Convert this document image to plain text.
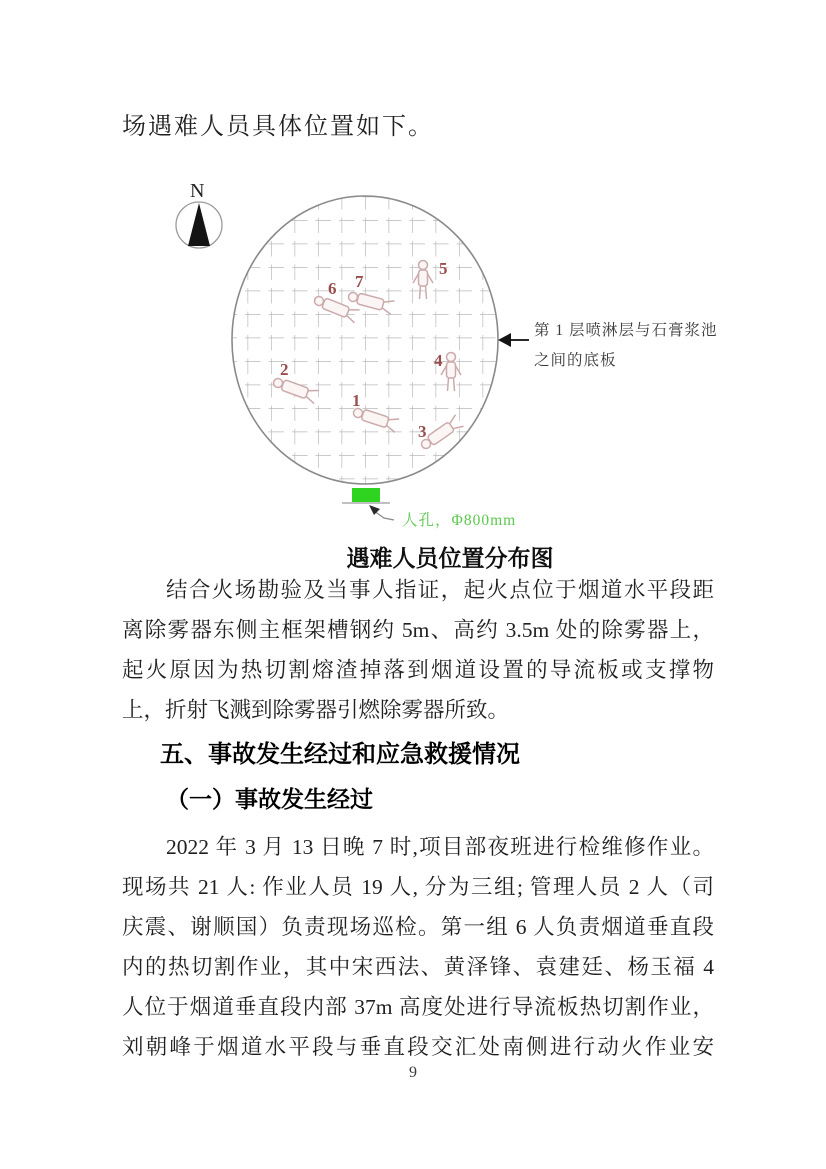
场遇难人员具体位置如下。
N
1
2
3
4
5
6 7
第 1 层喷淋层与石膏浆池
之间的底板
人孔，Φ800mm
遇难人员位置分布图
结合火场勘验及当事人指证，起火点位于烟道水平段距
离除雾器东侧主框架槽钢约 5m、高约 3.5m 处的除雾器上，
起火原因为热切割熔渣掉落到烟道设置的导流板或支撑物
上，折射飞溅到除雾器引燃除雾器所致。
五、事故发生经过和应急救援情况
（一）事故发生经过
2022 年 3 月 13 日晚 7 时,项目部夜班进行检维修作业。
现场共 21 人: 作业人员 19 人, 分为三组; 管理人员 2 人（司
庆震、谢顺国）负责现场巡检。第一组 6 人负责烟道垂直段
内的热切割作业，其中宋西法、黄泽锋、袁建廷、杨玉福 4
人位于烟道垂直段内部 37m 高度处进行导流板热切割作业，
刘朝峰于烟道水平段与垂直段交汇处南侧进行动火作业安
9
